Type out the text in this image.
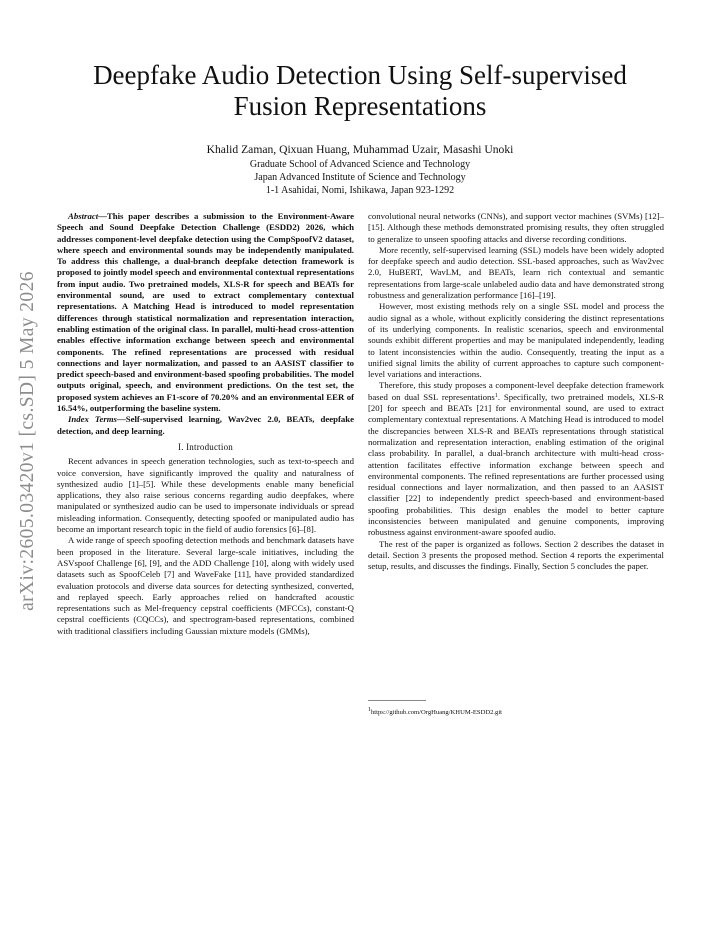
arXiv:2605.03420v1 [cs.SD] 5 May 2026
Deepfake Audio Detection Using Self-supervised
Fusion Representations
Khalid Zaman, Qixuan Huang, Muhammad Uzair, Masashi Unoki
Graduate School of Advanced Science and Technology
Japan Advanced Institute of Science and Technology
1-1 Asahidai, Nomi, Ishikawa, Japan 923-1292

Abstract—This paper describes a submission to the Environment-Aware Speech and Sound Deepfake Detection Challenge (ESDD2) 2026, which addresses component-level deepfake detection using the CompSpoofV2 dataset, where speech and environmental sounds may be independently manipulated. To address this challenge, a dual-branch deepfake detection framework is proposed to jointly model speech and environmental contextual representations from input audio. Two pretrained models, XLS-R for speech and BEATs for environmental sound, are used to extract complementary contextual representations. A Matching Head is introduced to model representation differences through statistical normalization and representation interaction, enabling estimation of the original class. In parallel, multi-head cross-attention enables effective information exchange between speech and environmental components. The refined representations are processed with residual connections and layer normalization, and passed to an AASIST classifier to predict speech-based and environment-based spoofing probabilities. The model outputs original, speech, and environment predictions. On the test set, the proposed system achieves an F1-score of 70.20% and an environmental EER of 16.54%, outperforming the baseline system.

Index Terms—Self-supervised learning, Wav2vec 2.0, BEATs, deepfake detection, and deep learning.

I. Introduction

Recent advances in speech generation technologies, such as text-to-speech and voice conversion, have significantly improved the quality and naturalness of synthesized audio [1]–[5]. While these developments enable many beneficial applications, they also raise serious concerns regarding audio deepfakes, where manipulated or synthesized audio can be used to impersonate individuals or spread misleading information. Consequently, detecting spoofed or manipulated audio has become an important research topic in the field of audio forensics [6]–[8].

A wide range of speech spoofing detection methods and benchmark datasets have been proposed in the literature. Several large-scale initiatives, including the ASVspoof Challenge [6], [9], and the ADD Challenge [10], along with widely used datasets such as SpoofCeleb [7] and WaveFake [11], have provided standardized evaluation protocols and diverse data sources for detecting synthesized, converted, and replayed speech. Early approaches relied on handcrafted acoustic representations such as Mel-frequency cepstral coefficients (MFCCs), constant-Q cepstral coefficients (CQCCs), and spectrogram-based representations, combined with traditional classifiers including Gaussian mixture models (GMMs),

convolutional neural networks (CNNs), and support vector machines (SVMs) [12]–[15]. Although these methods demonstrated promising results, they often struggled to generalize to unseen spoofing attacks and diverse recording conditions.

More recently, self-supervised learning (SSL) models have been widely adopted for deepfake speech and audio detection. SSL-based approaches, such as Wav2vec 2.0, HuBERT, WavLM, and BEATs, learn rich contextual and semantic representations from large-scale unlabeled audio data and have demonstrated strong robustness and generalization performance [16]–[19].

However, most existing methods rely on a single SSL model and process the audio signal as a whole, without explicitly considering the distinct representations of its underlying components. In realistic scenarios, speech and environmental sounds exhibit different properties and may be manipulated independently, leading to latent inconsistencies within the audio. Consequently, treating the input as a unified signal limits the ability of current approaches to capture such component-level variations and interactions.

Therefore, this study proposes a component-level deepfake detection framework based on dual SSL representations$^1$. Specifically, two pretrained models, XLS-R [20] for speech and BEATs [21] for environmental sound, are used to extract complementary contextual representations. A Matching Head is introduced to model the discrepancies between XLS-R and BEATs representations through statistical normalization and representation interaction, enabling estimation of the original class probability. In parallel, a dual-branch architecture with multi-head cross-attention facilitates effective information exchange between speech and environmental components. The refined representations are further processed using residual connections and layer normalization, and then passed to an AASIST classifier [22] to independently predict speech-based and environment-based spoofing probabilities. This design enables the model to better capture inconsistencies between manipulated and genuine components, improving robustness against environment-aware spoofed audio.

The rest of the paper is organized as follows. Section 2 describes the dataset in detail. Section 3 presents the proposed method. Section 4 reports the experimental setup, results, and discusses the findings. Finally, Section 5 concludes the paper.

$^1$https://github.com/OrgHuang/KHUM-ESDD2.git
